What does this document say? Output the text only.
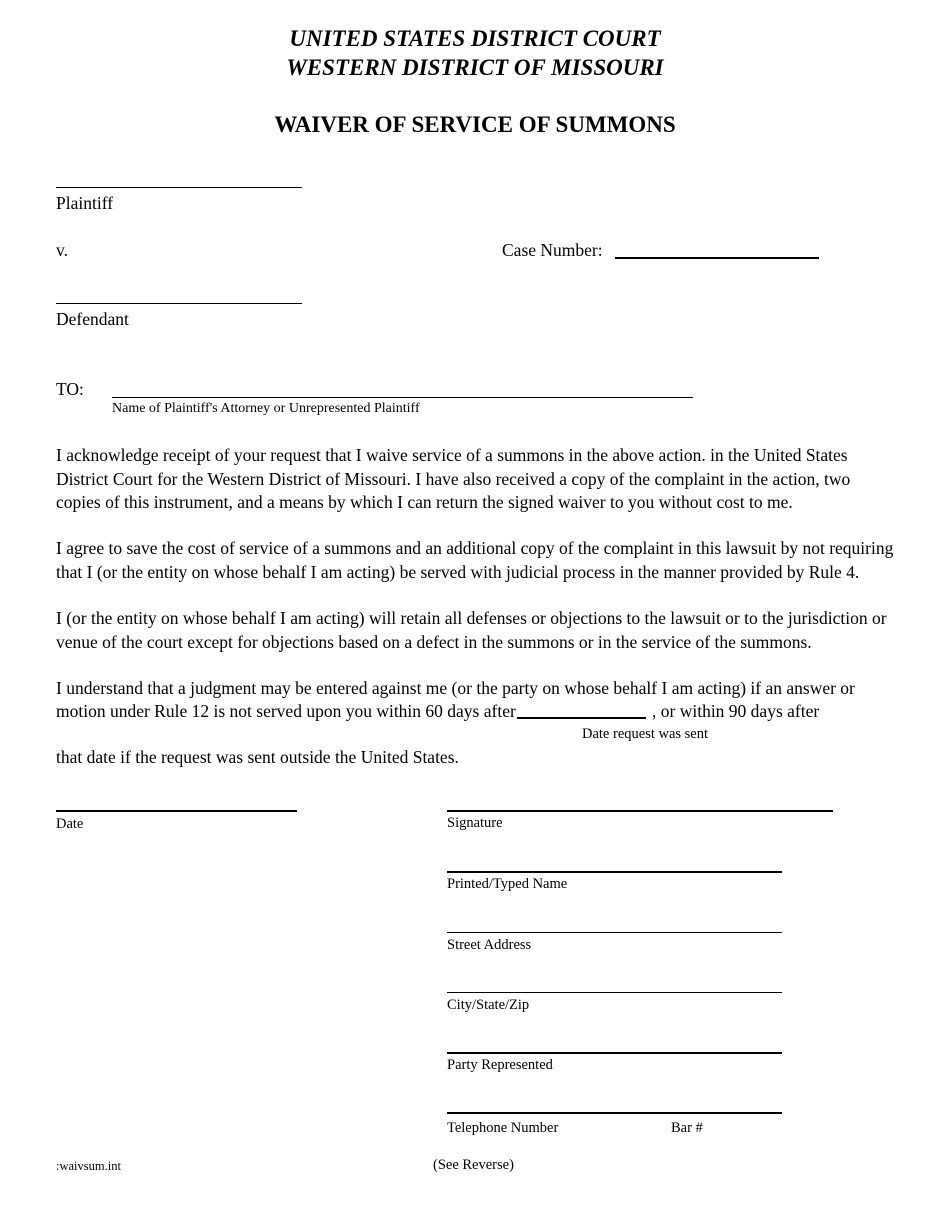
UNITED STATES DISTRICT COURT
WESTERN DISTRICT OF MISSOURI
WAIVER OF SERVICE OF SUMMONS
Plaintiff
v.	Case Number:
Defendant
TO:
Name of Plaintiff's Attorney or Unrepresented Plaintiff

I acknowledge receipt of your request that I waive service of a summons in the above action. in the United States District Court for the Western District of Missouri. I have also received a copy of the complaint in the action, two copies of this instrument, and a means by which I can return the signed waiver to you without cost to me.

I agree to save the cost of service of a summons and an additional copy of the complaint in this lawsuit by not requiring that I (or the entity on whose behalf I am acting) be served with judicial process in the manner provided by Rule 4.

I (or the entity on whose behalf I am acting) will retain all defenses or objections to the lawsuit or to the jurisdiction or venue of the court except for objections based on a defect in the summons or in the service of the summons.

I understand that a judgment may be entered against me (or the party on whose behalf I am acting) if an answer or
motion under Rule 12 is not served upon you within 60 days after	, or within 90 days after
Date request was sent
that date if the request was sent outside the United States.
Date	Signature
Printed/Typed Name
Street Address
City/State/Zip
Party Represented
Telephone Number	Bar #
:waivsum.int	(See Reverse)
